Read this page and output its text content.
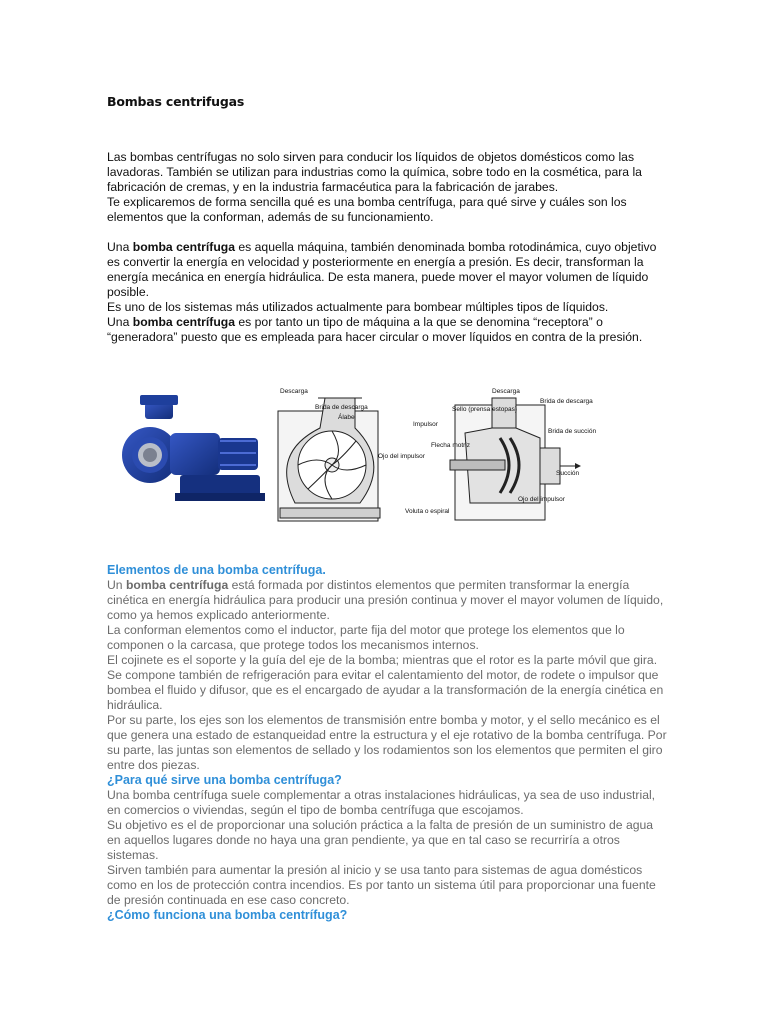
Bombas centrifugas

Las bombas centrífugas no solo sirven para conducir los líquidos de objetos domésticos como las lavadoras. También se utilizan para industrias como la química, sobre todo en la cosmética, para la fabricación de cremas, y en la industria farmacéutica para la fabricación de jarabes.

Te explicaremos de forma sencilla qué es una bomba centrífuga, para qué sirve y cuáles son los elementos que la conforman, además de su funcionamiento.

Una bomba centrífuga es aquella máquina, también denominada bomba rotodinámica, cuyo objetivo es convertir la energía en velocidad y posteriormente en energía a presión. Es decir, transforman la energía mecánica en energía hidráulica. De esta manera, puede mover el mayor volumen de líquido posible.

Es uno de los sistemas más utilizados actualmente para bombear múltiples tipos de líquidos.

Una bomba centrífuga es por tanto un tipo de máquina a la que se denomina “receptora” o “generadora” puesto que es empleada para hacer circular o mover líquidos en contra de la presión.

Descarga
Brida de descarga
Álabe
Ojo del impulsor
Voluta o espiral
Impulsor
Sello (prensa estopas)
Flecha motriz
Descarga
Brida de descarga
Brida de succión
Succión
Ojo del impulsor

Elementos de una bomba centrífuga.

Un bomba centrífuga está formada por distintos elementos que permiten transformar la energía cinética en energía hidráulica para producir una presión continua y mover el mayor volumen de líquido, como ya hemos explicado anteriormente.

La conforman elementos como el inductor, parte fija del motor que protege los elementos que lo componen o la carcasa, que protege todos los mecanismos internos.

El cojinete es el soporte y la guía del eje de la bomba; mientras que el rotor es la parte móvil que gira. Se compone también de refrigeración para evitar el calentamiento del motor, de rodete o impulsor que bombea el fluido y difusor, que es el encargado de ayudar a la transformación de la energía cinética en hidráulica.

Por su parte, los ejes son los elementos de transmisión entre bomba y motor, y el sello mecánico es el que genera una estado de estanqueidad entre la estructura y el eje rotativo de la bomba centrífuga. Por su parte, las juntas son elementos de sellado y los rodamientos son los elementos que permiten el giro entre dos piezas.

¿Para qué sirve una bomba centrífuga?

Una bomba centrífuga suele complementar a otras instalaciones hidráulicas, ya sea de uso industrial, en comercios o viviendas, según el tipo de bomba centrífuga que escojamos.

Su objetivo es el de proporcionar una solución práctica a la falta de presión de un suministro de agua en aquellos lugares donde no haya una gran pendiente, ya que en tal caso se recurriría a otros sistemas.

Sirven también para aumentar la presión al inicio y se usa tanto para sistemas de agua domésticos como en los de protección contra incendios. Es por tanto un sistema útil para proporcionar una fuente de presión continuada en ese caso concreto.

¿Cómo funciona una bomba centrífuga?
